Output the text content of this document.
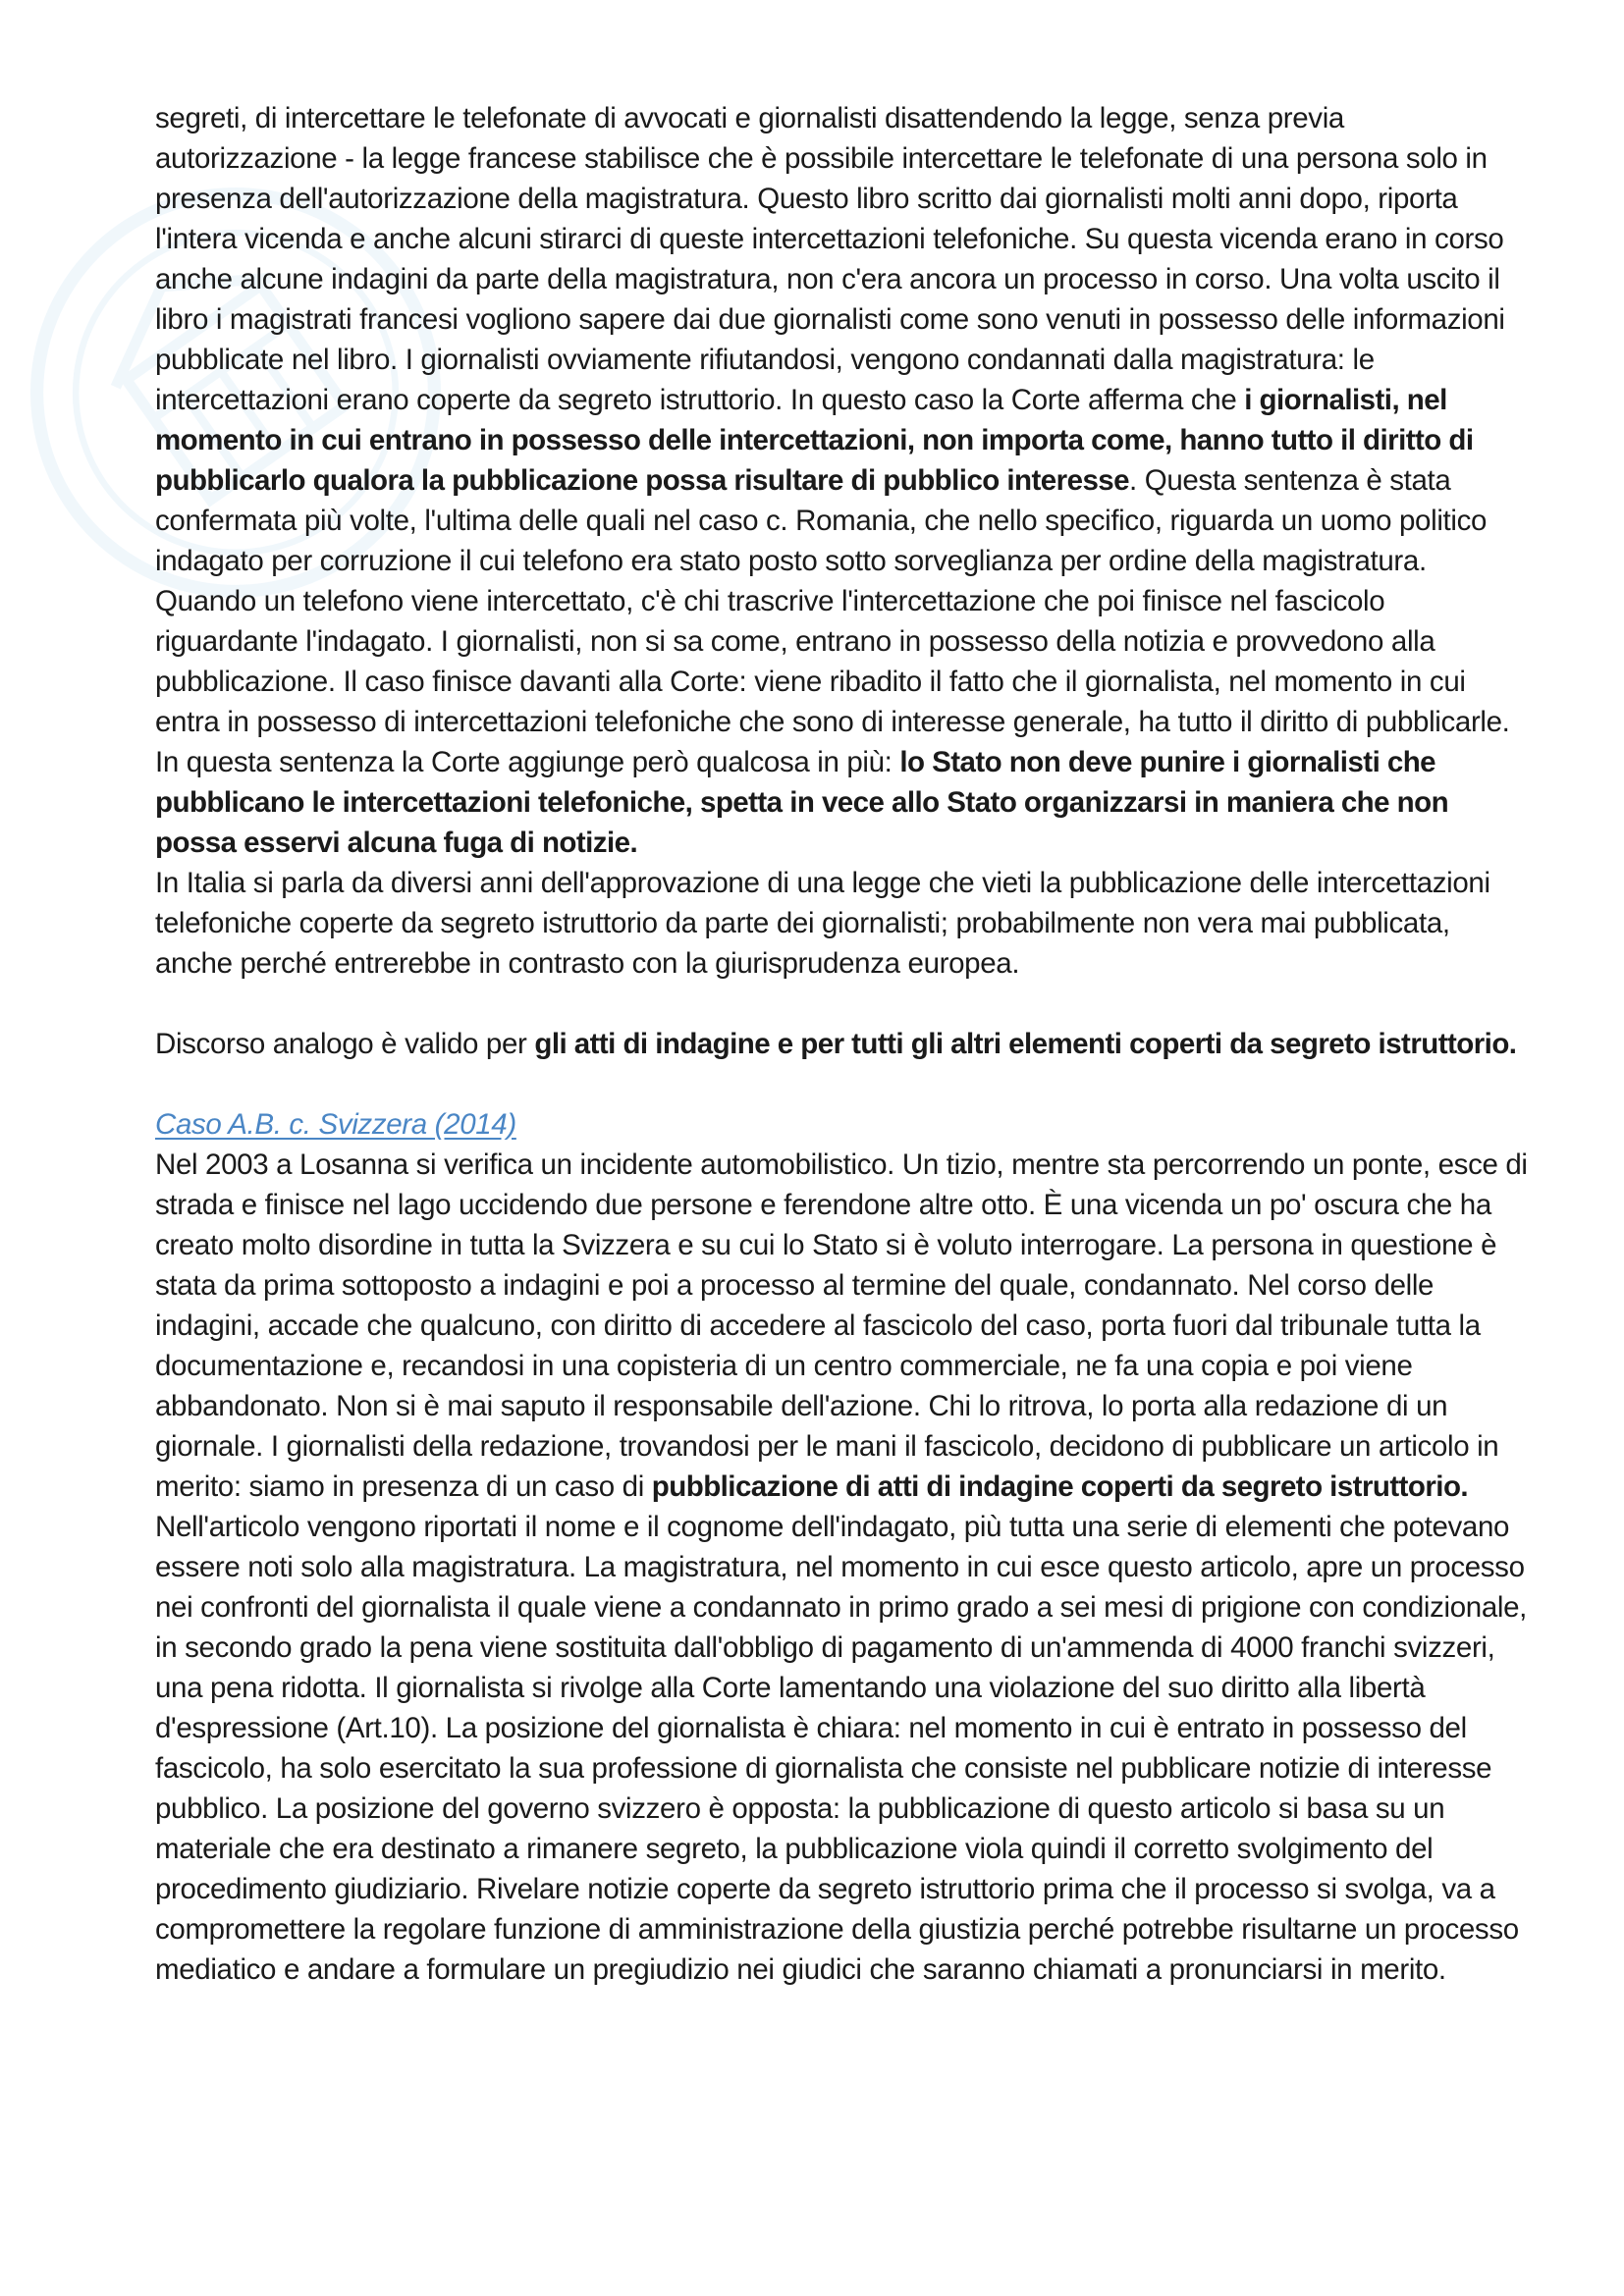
segreti, di intercettare le telefonate di avvocati e giornalisti disattendendo la legge, senza previa autorizzazione - la legge francese stabilisce che è possibile intercettare le telefonate di una persona solo in presenza dell'autorizzazione della magistratura. Questo libro scritto dai giornalisti molti anni dopo, riporta l'intera vicenda e anche alcuni stirarci di queste intercettazioni telefoniche. Su questa vicenda erano in corso anche alcune indagini da parte della magistratura, non c'era ancora un processo in corso. Una volta uscito il libro i magistrati francesi vogliono sapere dai due giornalisti come sono venuti in possesso delle informazioni pubblicate nel libro. I giornalisti ovviamente rifiutandosi, vengono condannati dalla magistratura: le intercettazioni erano coperte da segreto istruttorio. In questo caso la Corte afferma che i giornalisti, nel momento in cui entrano in possesso delle intercettazioni, non importa come, hanno tutto il diritto di pubblicarlo qualora la pubblicazione possa risultare di pubblico interesse. Questa sentenza è stata confermata più volte, l'ultima delle quali nel caso c. Romania, che nello specifico, riguarda un uomo politico indagato per corruzione il cui telefono era stato posto sotto sorveglianza per ordine della magistratura. Quando un telefono viene intercettato, c'è chi trascrive l'intercettazione che poi finisce nel fascicolo riguardante l'indagato. I giornalisti, non si sa come, entrano in possesso della notizia e provvedono alla pubblicazione. Il caso finisce davanti alla Corte: viene ribadito il fatto che il giornalista, nel momento in cui entra in possesso di intercettazioni telefoniche che sono di interesse generale, ha tutto il diritto di pubblicarle. In questa sentenza la Corte aggiunge però qualcosa in più: lo Stato non deve punire i giornalisti che pubblicano le intercettazioni telefoniche, spetta in vece allo Stato organizzarsi in maniera che non possa esservi alcuna fuga di notizie.

In Italia si parla da diversi anni dell'approvazione di una legge che vieti la pubblicazione delle intercettazioni telefoniche coperte da segreto istruttorio da parte dei giornalisti; probabilmente non vera mai pubblicata, anche perché entrerebbe in contrasto con la giurisprudenza europea.

Discorso analogo è valido per gli atti di indagine e per tutti gli altri elementi coperti da segreto istruttorio.

Caso A.B. c. Svizzera (2014)

Nel 2003 a Losanna si verifica un incidente automobilistico. Un tizio, mentre sta percorrendo un ponte, esce di strada e finisce nel lago uccidendo due persone e ferendone altre otto. È una vicenda un po' oscura che ha creato molto disordine in tutta la Svizzera e su cui lo Stato si è voluto interrogare. La persona in questione è stata da prima sottoposto a indagini e poi a processo al termine del quale, condannato. Nel corso delle indagini, accade che qualcuno, con diritto di accedere al fascicolo del caso, porta fuori dal tribunale tutta la documentazione e, recandosi in una copisteria di un centro commerciale, ne fa una copia e poi viene abbandonato. Non si è mai saputo il responsabile dell'azione. Chi lo ritrova, lo porta alla redazione di un giornale. I giornalisti della redazione, trovandosi per le mani il fascicolo, decidono di pubblicare un articolo in merito: siamo in presenza di un caso di pubblicazione di atti di indagine coperti da segreto istruttorio. Nell'articolo vengono riportati il nome e il cognome dell'indagato, più tutta una serie di elementi che potevano essere noti solo alla magistratura. La magistratura, nel momento in cui esce questo articolo, apre un processo nei confronti del giornalista il quale viene a condannato in primo grado a sei mesi di prigione con condizionale, in secondo grado la pena viene sostituita dall'obbligo di pagamento di un'ammenda di 4000 franchi svizzeri, una pena ridotta. Il giornalista si rivolge alla Corte lamentando una violazione del suo diritto alla libertà d'espressione (Art.10). La posizione del giornalista è chiara: nel momento in cui è entrato in possesso del fascicolo, ha solo esercitato la sua professione di giornalista che consiste nel pubblicare notizie di interesse pubblico. La posizione del governo svizzero è opposta: la pubblicazione di questo articolo si basa su un materiale che era destinato a rimanere segreto, la pubblicazione viola quindi il corretto svolgimento del procedimento giudiziario. Rivelare notizie coperte da segreto istruttorio prima che il processo si svolga, va a compromettere la regolare funzione di amministrazione della giustizia perché potrebbe risultarne un processo mediatico e andare a formulare un pregiudizio nei giudici che saranno chiamati a pronunciarsi in merito.
